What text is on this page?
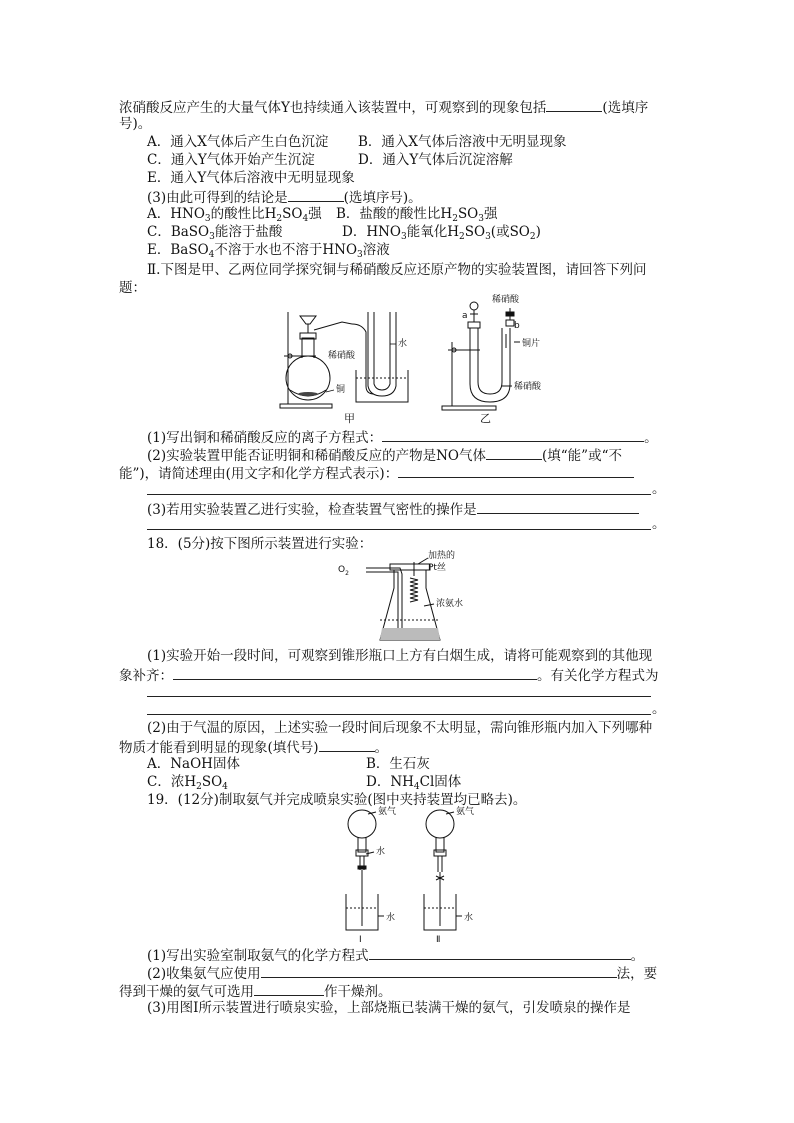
浓硝酸反应产生的大量气体Y也持续通入该装置中，可观察到的现象包括	(选填序
号)。
A．通入X气体后产生白色沉淀 B．通入X气体后溶液中无明显现象
C．通入Y气体开始产生沉淀	D．通入Y气体后沉淀溶解
E．通入Y气体后溶液中无明显现象
(3)由此可得到的结论是	(选填序号)。
A．$HNO_3$的酸性比$H_2SO_4$强 B．盐酸的酸性比$H_2SO_3$强
C．BaSO$_3$能溶于盐酸	D．$HNO_3$能氧化$H_2SO_3$(或$SO_2$)
E．BaSO$_4$不溶于水也不溶于$HNO_3$溶液
Ⅱ.下图是甲、乙两位同学探究铜与稀硝酸反应还原产物的实验装置图，请回答下列问
题：
稀硝酸
水
铜
甲
稀硝酸
a
b
铜片
稀硝酸
乙
(1)写出铜和稀硝酸反应的离子方程式：	。
(2)实验装置甲能否证明铜和稀硝酸反应的产物是NO气体	(填“能”或“不
能”)，请简述理由(用文字和化学方程式表示)：
。
(3)若用实验装置乙进行实验，检查装置气密性的操作是
。
18．(5分)按下图所示装置进行实验：
$O_2$
加热的
Pt丝
浓氨水
(1)实验开始一段时间，可观察到锥形瓶口上方有白烟生成，请将可能观察到的其他现
象补齐：	。有关化学方程式为
。
(2)由于气温的原因，上述实验一段时间后现象不太明显，需向锥形瓶内加入下列哪种
物质才能看到明显的现象(填代号)	。
A．NaOH固体	B．生石灰
C．浓$H_2SO_4$	D．$NH_4Cl$固体
19．(12分)制取氨气并完成喷泉实验(图中夹持装置均已略去)。
氨气
水
水
Ⅰ
氨气
水
Ⅱ
(1)写出实验室制取氨气的化学方程式	。
(2)收集氨气应使用	法，要
得到干燥的氨气可选用	作干燥剂。
(3)用图Ⅰ所示装置进行喷泉实验，上部烧瓶已装满干燥的氨气，引发喷泉的操作是
